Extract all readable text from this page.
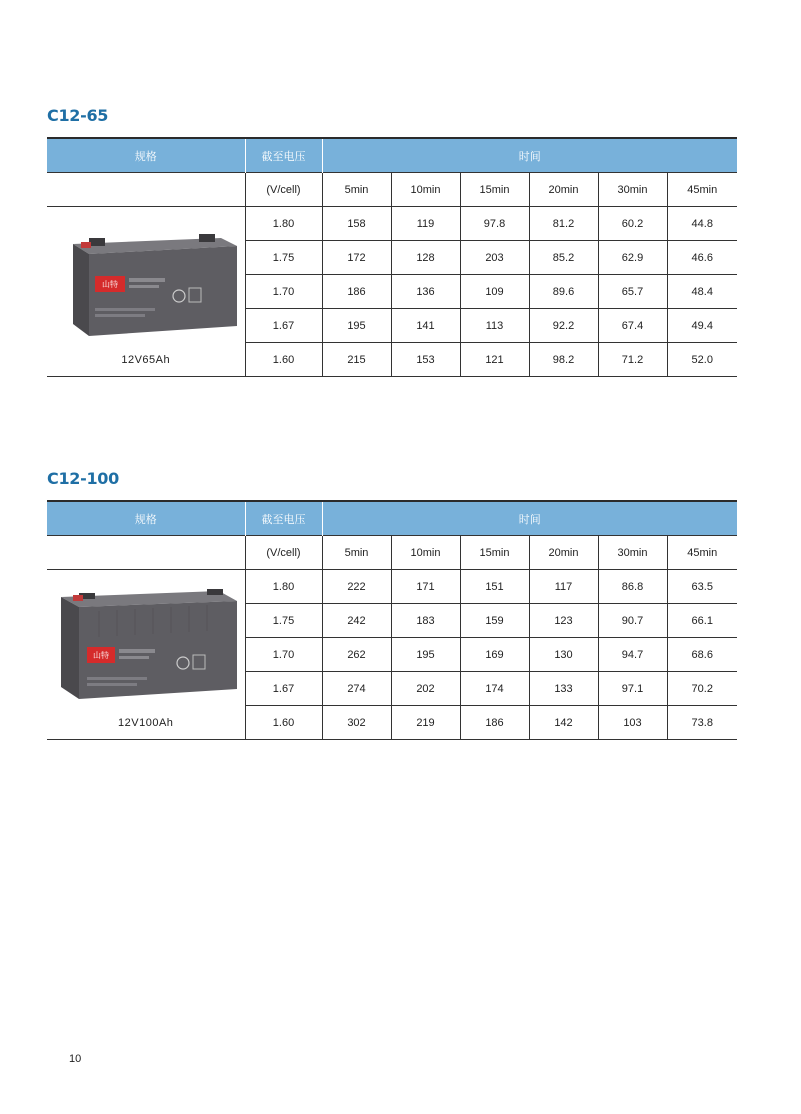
C12-65
规格	截至电压	时间					
	(V/cell)	5min	10min	15min	20min	30min	45min

山特
12V65Ah	1.80	158	119	97.8	81.2	60.2	44.8
	1.75	172	128	203	85.2	62.9	46.6
	1.70	186	136	109	89.6	65.7	48.4
	1.67	195	141	113	92.2	67.4	49.4
	1.60	215	153	121	98.2	71.2	52.0
C12-100
规格	截至电压	时间					
	(V/cell)	5min	10min	15min	20min	30min	45min

山特
12V100Ah	1.80	222	171	151	117	86.8	63.5
	1.75	242	183	159	123	90.7	66.1
	1.70	262	195	169	130	94.7	68.6
	1.67	274	202	174	133	97.1	70.2
	1.60	302	219	186	142	103	73.8
10
